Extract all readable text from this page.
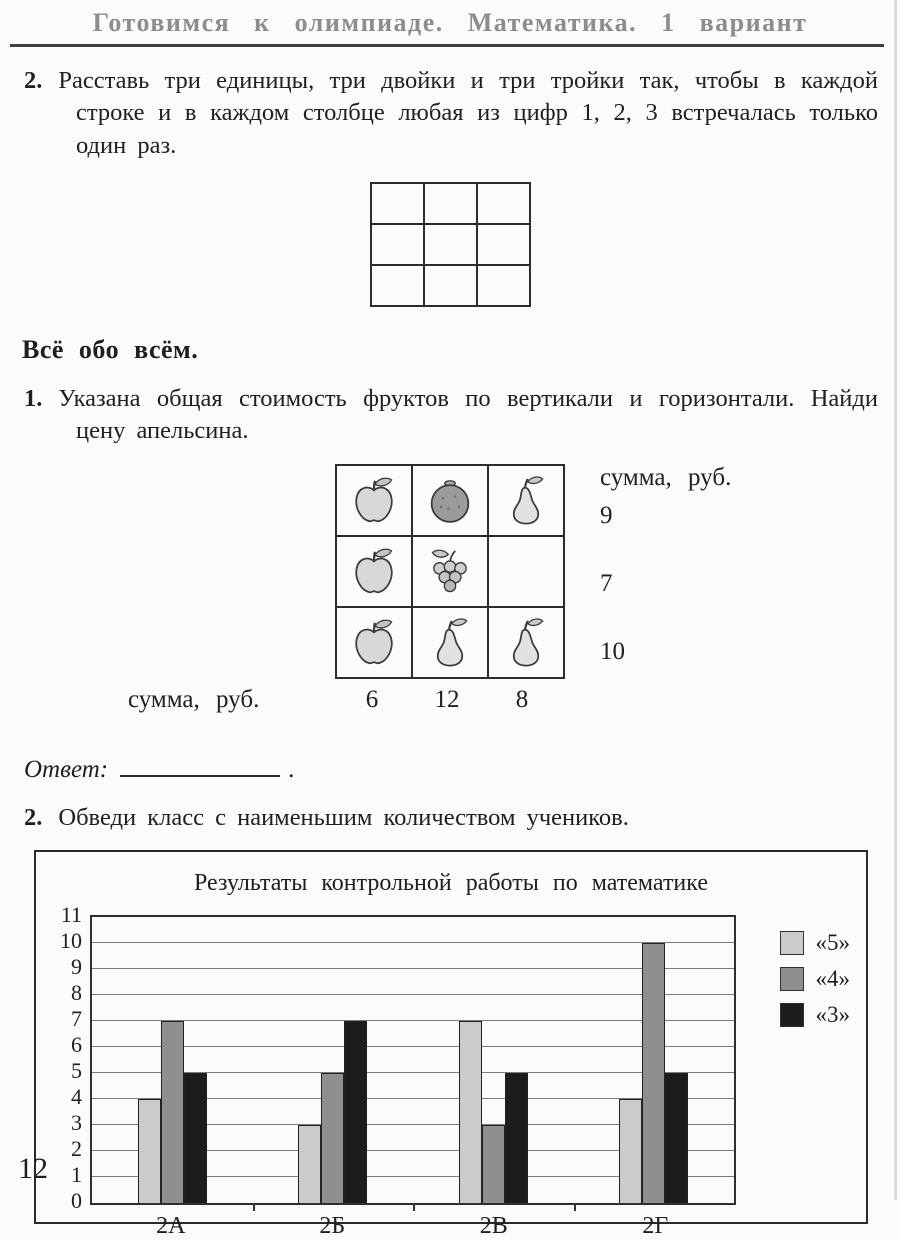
Готовимся к олимпиаде. Математика. 1 вариант

2. Расставь три единицы, три двойки и три тройки так, чтобы в каждой строке и в каждом столбце любая из цифр 1, 2, 3 встречалась только один раз.

Всё обо всём.

1. Указана общая стоимость фруктов по вертикали и горизонтали. Найди цену апельсина.

сумма, руб.
9
7
10
сумма, руб.	6	12	8
Ответ:	.

2. Обведи класс с наименьшим количеством учеников.

Результаты контрольной работы по математике
0
1
2
3
4
5
6
7
8
9
10
11
2А	2Б	2В	2Г
«5»
«4»
«3»
12
